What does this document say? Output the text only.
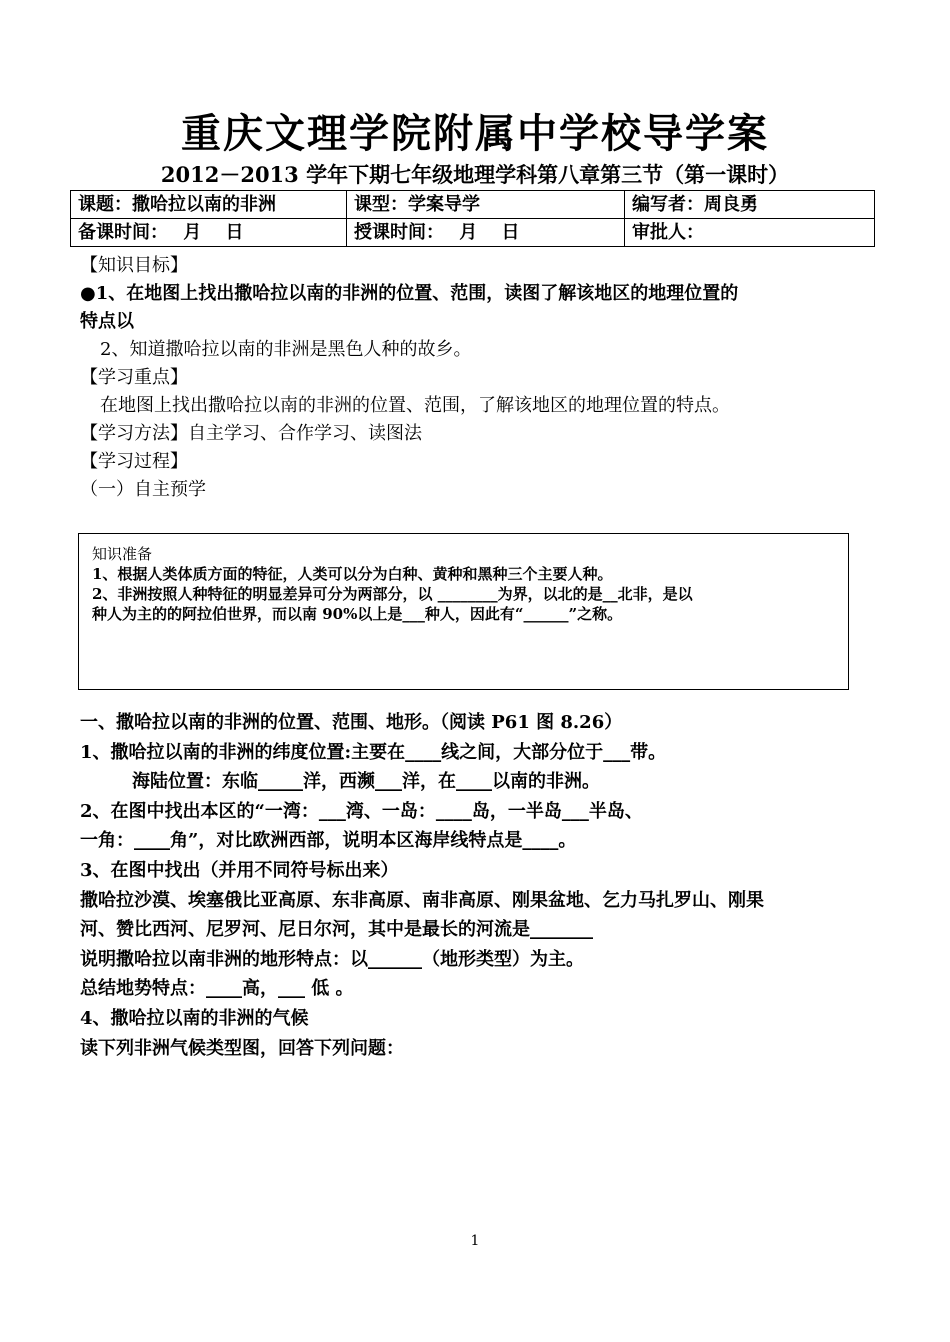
重庆文理学院附属中学校导学案
2012－2013 学年下期七年级地理学科第八章第三节（第一课时）
课题：撒哈拉以南的非洲	课型：学案导学	编写者：周良勇
备课时间：　 月　 日	授课时间：　 月　 日	审批人：

【知识目标】

●1、在地图上找出撒哈拉以南的非洲的位置、范围，读图了解该地区的地理位置的

特点以

2、知道撒哈拉以南的非洲是黑色人种的故乡。

【学习重点】

在地图上找出撒哈拉以南的非洲的位置、范围，了解该地区的地理位置的特点。

【学习方法】自主学习、合作学习、读图法

【学习过程】

（一）自主预学

知识准备

1、根据人类体质方面的特征，人类可以分为白种、黄种和黑种三个主要人种。

2、非洲按照人种特征的明显差异可分为两部分，以 ________为界，以北的是__北非，是以

种人为主的的阿拉伯世界，而以南 90%以上是___种人，因此有“______”之称。

一、撒哈拉以南的非洲的位置、范围、地形。（阅读 P61 图 8.26）

1、撒哈拉以南的非洲的纬度位置:主要在____线之间，大部分位于___带。

　海陆位置：东临_____洋，西濒___洋，在____以南的非洲。

2、在图中找出本区的“一湾：___湾、一岛：____岛，一半岛___半岛、

一角：____角”，对比欧洲西部，说明本区海岸线特点是____。

3、在图中找出（并用不同符号标出来）

撒哈拉沙漠、埃塞俄比亚高原、东非高原、南非高原、刚果盆地、乞力马扎罗山、刚果

河、赞比西河、尼罗河、尼日尔河，其中是最长的河流是_______

说明撒哈拉以南非洲的地形特点：以______（地形类型）为主。

总结地势特点：____高，___ 低 。

4、撒哈拉以南的非洲的气候

读下列非洲气候类型图，回答下列问题：

1
